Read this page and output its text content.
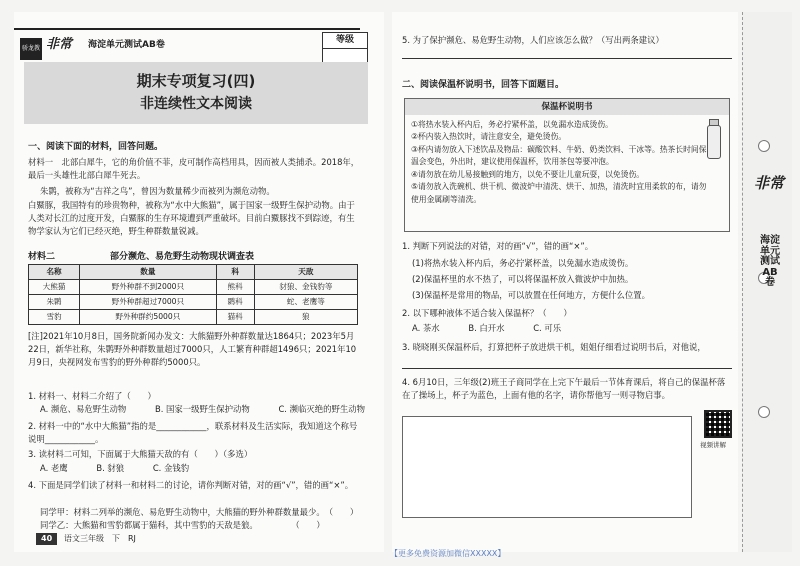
骄龙教 非常 海淀单元测试AB卷	等级
期末专项复习(四)
非连续性文本阅读
一、阅读下面的材料，回答问题。
材料一　北部白犀牛，它的角价值不菲，皮可制作高档用具，因而被人类捕杀。2018年，最后一头雄性北部白犀牛死去。
朱鹮，被称为“吉祥之鸟”，曾因为数量稀少而被列为濒危动物。
白鱀豚，我国特有的珍贵物种，被称为“水中大熊猫”，属于国家一级野生保护动物。由于人类对长江的过度开发，白鱀豚的生存环境遭到严重破坏。目前白鱀豚找不到踪迹，有生物学家认为它们已经灭绝，野生种群数量锐减。
材料二	部分濒危、易危野生动物现状调查表
名称	数量	科	天敌
大熊猫	野外种群不到2000只	熊科	豺狼、金钱豹等
朱鹮	野外种群超过7000只	鹮科	蛇、老鹰等
雪豹	野外种群约5000只	猫科	狼
[注]2021年10月8日，国务院新闻办发文：大熊猫野外种群数量达1864只；2023年5月22日，新华社称，朱鹮野外种群数量超过7000只，人工繁育种群超1496只；2021年10月9日，央视网发布雪豹的野外种群约5000只。
1. 材料一、材料二介绍了（　　）
A. 濒危、易危野生动物	B. 国家一级野生保护动物	C. 濒临灭绝的野生动物
2. 材料一中的“水中大熊猫”指的是____________，联系材料及生活实际，我知道这个称号说明____________。
3. 读材料二可知，下面属于大熊猫天敌的有（　　）（多选）
A. 老鹰	B. 豺狼	C. 金钱豹
4. 下面是同学们读了材料一和材料二的讨论，请你判断对错，对的画“√”，错的画“×”。
同学甲：材料二列举的濒危、易危野生动物中，大熊猫的野外种群数量最少。　（　　）
同学乙：大熊猫和雪豹都属于猫科，其中雪豹的天敌是狼。　　　　　（　　）
40	语文三年级　下　RJ
5. 为了保护濒危、易危野生动物，人们应该怎么做？（写出两条建议）
二、阅读保温杯说明书，回答下面题目。
保温杯说明书
①将热水装入杯内后，务必拧紧杯盖，以免漏水造成烫伤。
②杯内装入热饮时，请注意安全，避免烫伤。
③杯内请勿放入下述饮品及物品：碳酸饮料、牛奶、奶类饮料、干冰等。热茶长时间保温会变色，外出时，建议使用保温杯，饮用茶包等要冲泡。
④请勿放在幼儿易接触到的地方，以免不要让儿童玩耍，以免烫伤。
⑤请勿放入洗碗机、烘干机、微波炉中清洗、烘干、加热，清洗时宜用柔软的布，请勿使用金属刷等清洗。
1. 判断下列说法的对错，对的画“√”，错的画“×”。
(1)将热水装入杯内后，务必拧紧杯盖，以免漏水造成烫伤。
(2)保温杯里的水不热了，可以将保温杯放入微波炉中加热。
(3)保温杯是常用的物品，可以放置在任何地方，方便什么位置。
2. 以下哪种液体不适合装入保温杯？（　　）
A. 茶水	B. 白开水	C. 可乐
3. 晓晓刚买保温杯后，打算把杯子放进烘干机，姐姐仔细看过说明书后，对他说，
4. 6月10日，三年级(2)班王子商同学在上完下午最后一节体育课后，将自己的保温杯落在了操场上，杯子为蓝色，上面有他的名字，请你帮他写一则寻物启事。
视频讲解
非常
海淀单元测试AB卷
【更多免费资源加微信XXXXX】
